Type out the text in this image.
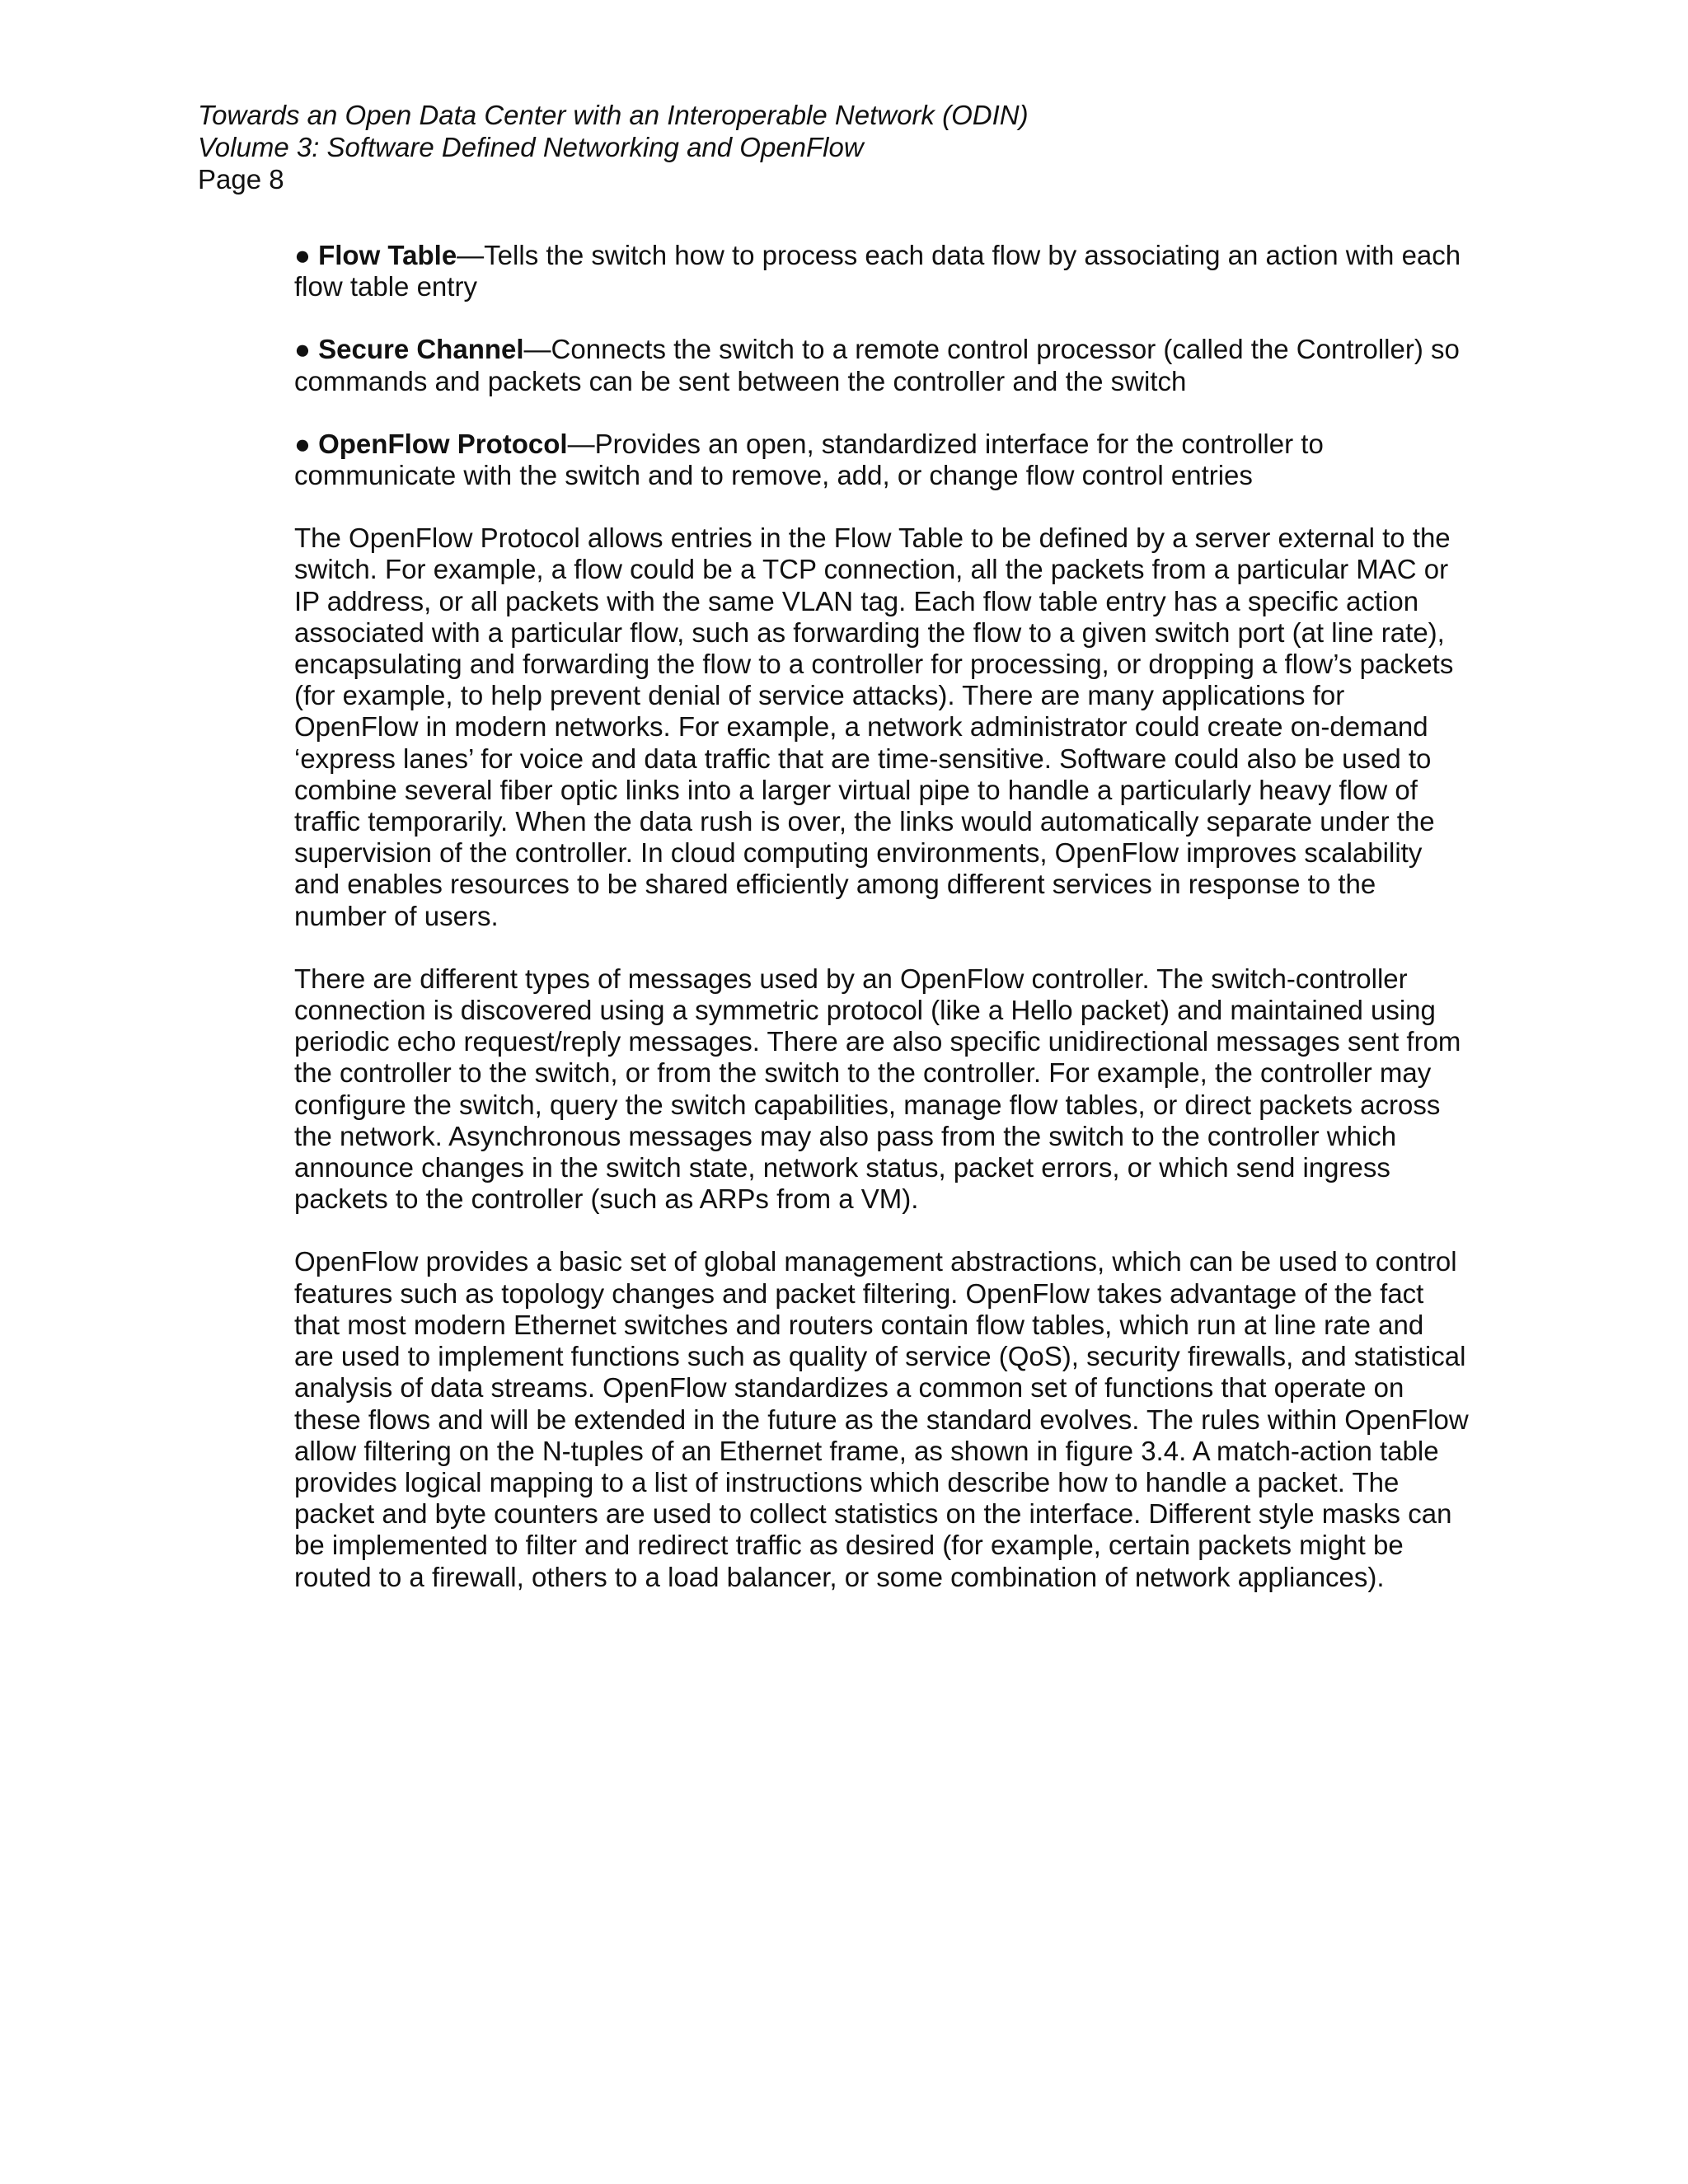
Towards an Open Data Center with an Interoperable Network (ODIN)
Volume 3: Software Defined Networking and OpenFlow
Page 8
● Flow Table—Tells the switch how to process each data flow by associating an action with each
flow table entry
● Secure Channel—Connects the switch to a remote control processor (called the Controller) so
commands and packets can be sent between the controller and the switch
● OpenFlow Protocol—Provides an open, standardized interface for the controller to
communicate with the switch and to remove, add, or change flow control entries
The OpenFlow Protocol allows entries in the Flow Table to be defined by a server external to the
switch. For example, a flow could be a TCP connection, all the packets from a particular MAC or
IP address, or all packets with the same VLAN tag. Each flow table entry has a specific action
associated with a particular flow, such as forwarding the flow to a given switch port (at line rate),
encapsulating and forwarding the flow to a controller for processing, or dropping a flow’s packets
(for example, to help prevent denial of service attacks). There are many applications for
OpenFlow in modern networks. For example, a network administrator could create on-demand
‘express lanes’ for voice and data traffic that are time-sensitive. Software could also be used to
combine several fiber optic links into a larger virtual pipe to handle a particularly heavy flow of
traffic temporarily. When the data rush is over, the links would automatically separate under the
supervision of the controller. In cloud computing environments, OpenFlow improves scalability
and enables resources to be shared efficiently among different services in response to the
number of users.
There are different types of messages used by an OpenFlow controller. The switch-controller
connection is discovered using a symmetric protocol (like a Hello packet) and maintained using
periodic echo request/reply messages. There are also specific unidirectional messages sent from
the controller to the switch, or from the switch to the controller. For example, the controller may
configure the switch, query the switch capabilities, manage flow tables, or direct packets across
the network. Asynchronous messages may also pass from the switch to the controller which
announce changes in the switch state, network status, packet errors, or which send ingress
packets to the controller (such as ARPs from a VM).
OpenFlow provides a basic set of global management abstractions, which can be used to control
features such as topology changes and packet filtering. OpenFlow takes advantage of the fact
that most modern Ethernet switches and routers contain flow tables, which run at line rate and
are used to implement functions such as quality of service (QoS), security firewalls, and statistical
analysis of data streams. OpenFlow standardizes a common set of functions that operate on
these flows and will be extended in the future as the standard evolves. The rules within OpenFlow
allow filtering on the N-tuples of an Ethernet frame, as shown in figure 3.4. A match-action table
provides logical mapping to a list of instructions which describe how to handle a packet. The
packet and byte counters are used to collect statistics on the interface. Different style masks can
be implemented to filter and redirect traffic as desired (for example, certain packets might be
routed to a firewall, others to a load balancer, or some combination of network appliances).
